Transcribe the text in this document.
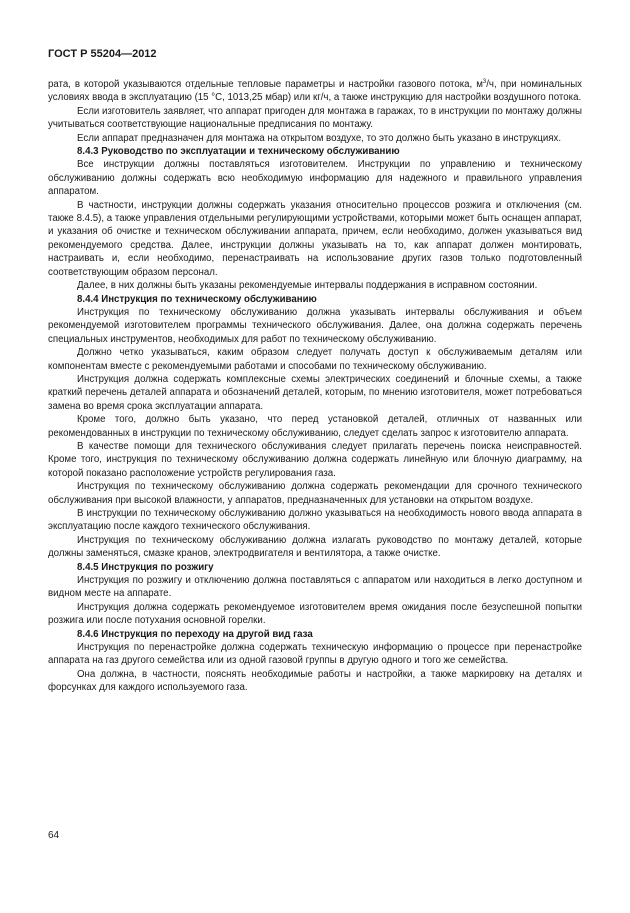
ГОСТ Р 55204—2012

рата, в которой указываются отдельные тепловые параметры и настройки газового потока, $м^3/ч$, при номинальных условиях ввода в эксплуатацию (15 °С, 1013,25 мбар) или кг/ч, а также инструкцию для настройки воздушного потока.

Если изготовитель заявляет, что аппарат пригоден для монтажа в гаражах, то в инструкции по монтажу должны учитываться соответствующие национальные предписания по монтажу.

Если аппарат предназначен для монтажа на открытом воздухе, то это должно быть указано в инструкциях.

8.4.3 Руководство по эксплуатации и техническому обслуживанию

Все инструкции должны поставляться изготовителем. Инструкции по управлению и техническому обслуживанию должны содержать всю необходимую информацию для надежного и правильного управления аппаратом.

В частности, инструкции должны содержать указания относительно процессов розжига и отключения (см. также 8.4.5), а также управления отдельными регулирующими устройствами, которыми может быть оснащен аппарат, и указания об очистке и техническом обслуживании аппарата, причем, если необходимо, должен указываться вид рекомендуемого средства. Далее, инструкции должны указывать на то, как аппарат должен монтировать, настраивать и, если необходимо, перенастраивать на использование других газов только подготовленный соответствующим образом персонал.

Далее, в них должны быть указаны рекомендуемые интервалы поддержания в исправном состоянии.

8.4.4 Инструкция по техническому обслуживанию

Инструкция по техническому обслуживанию должна указывать интервалы обслуживания и объем рекомендуемой изготовителем программы технического обслуживания. Далее, она должна содержать перечень специальных инструментов, необходимых для работ по техническому обслуживанию.

Должно четко указываться, каким образом следует получать доступ к обслуживаемым деталям или компонентам вместе с рекомендуемыми работами и способами по техническому обслуживанию.

Инструкция должна содержать комплексные схемы электрических соединений и блочные схемы, а также краткий перечень деталей аппарата и обозначений деталей, которым, по мнению изготовителя, может потребоваться замена во время срока эксплуатации аппарата.

Кроме того, должно быть указано, что перед установкой деталей, отличных от названных или рекомендованных в инструкции по техническому обслуживанию, следует сделать запрос к изготовителю аппарата.

В качестве помощи для технического обслуживания следует прилагать перечень поиска неисправностей. Кроме того, инструкция по техническому обслуживанию должна содержать линейную или блочную диаграмму, на которой показано расположение устройств регулирования газа.

Инструкция по техническому обслуживанию должна содержать рекомендации для срочного технического обслуживания при высокой влажности, у аппаратов, предназначенных для установки на открытом воздухе.

В инструкции по техническому обслуживанию должно указываться на необходимость нового ввода аппарата в эксплуатацию после каждого технического обслуживания.

Инструкция по техническому обслуживанию должна излагать руководство по монтажу деталей, которые должны заменяться, смазке кранов, электродвигателя и вентилятора, а также очистке.

8.4.5 Инструкция по розжигу

Инструкция по розжигу и отключению должна поставляться с аппаратом или находиться в легко доступном и видном месте на аппарате.

Инструкция должна содержать рекомендуемое изготовителем время ожидания после безуспешной попытки розжига или после потухания основной горелки.

8.4.6 Инструкция по переходу на другой вид газа

Инструкция по перенастройке должна содержать техническую информацию о процессе при перенастройке аппарата на газ другого семейства или из одной газовой группы в другую одного и того же семейства.

Она должна, в частности, пояснять необходимые работы и настройки, а также маркировку на деталях и форсунках для каждого используемого газа.

64
